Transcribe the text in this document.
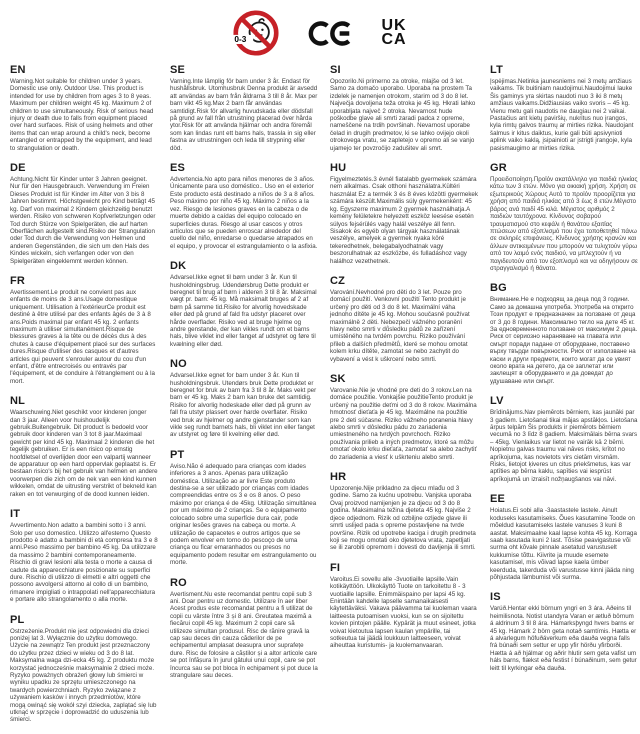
0-3
UK
CA
EN

Warning.Not suitable for children under 3 years. Domestic use only. Outdoor Use. This product is intended for use by children from ages 3 to 8 yeas. Maximum per children weight 45 kg. Maximum 2 of children to use simultaneously. Risk of serious head injury or death due to falls from equipment placed over hard surfaces. Risk of using helmets and other items that can wrap around a child's neck, become entangled or entrapped by the equipment, and lead to strangulation or death.

DE

Achtung.Nicht für Kinder unter 3 Jahren geeignet. Nur für den Hausgebrauch. Verwendung im Freien Dieses Produkt ist für Kinder im Alter von 3 bis 8 Jahren bestimmt. Höchstgewicht pro Kind beträgt 45 kg. Darf von maximal 2 Kindern gleichzeitig benutzt werden. Risiko von schweren Kopfverletzungen oder Tod durch Stürze von Spielgeräten, die auf harten Oberflächen aufgestellt sind.Risiko der Strangulation oder Tod durch die Verwendung von Helmen und anderen Gegenständen, die sich um den Hals des Kindes wickeln, sich verfangen oder von den Spielgeräten eingeklemmt werden können.

FR

Avertissement.Le produit ne convient pas aux enfants de moins de 3 ans.Usage domestique uniquement. Utilisation à l'extérieurCe produit est destiné à être utilisé par des enfants âgés de 3 à 8 ans.Poids maximal par enfant 45 kg. 2 enfants maximum à utiliser simultanément.Risque de blessures graves à la tête ou de décès dus à des chutes à cause d'équipement placé sur des surfaces dures.Risque d'utiliser des casques et d'autres articles qui peuvent s'enrouler autour du cou d'un enfant, d'être entrecroisés ou entravés par l'équipement, et de conduire à l'étranglement ou à la mort.

NL

Waarschuwing.Niet geschikt voor kinderen jonger dan 3 jaar. Alleen voor huishoudelijk gebruik.Buitengebruik. Dit product is bedoeld voor gebruik door kinderen van 3 tot 8 jaar.Maximaal gewicht per kind 45 kg. Maximaal 2 kinderen die het tegelijk gebruiken. Er is een risico op ernstig hoofdletsel of overlijden door een valpartij wanneer de apparatuur op een hard oppervlak geplaatst is. Er bestaan risico's bij het gebruik van helmen en andere voorwerpen die zich om de nek van een kind kunnen wikkelen, omdat de uitrusting verstrikt of bekneld kan raken en tot verwurging of de dood kunnen leiden.

IT

Avvertimento.Non adatto a bambini sotto i 3 anni. Solo per uso domestico. Utilizzo all'esterno Questo prodotto è adatto a bambini di età compresa tra 3 e 8 anni.Peso massimo per bambino 45 kg. Da utilizzare da massimo 2 bambini contemporaneamente. Rischio di gravi lesioni alla testa o morte a causa di cadute da apparecchiature posizionate su superfici dure. Rischio di utilizzo di elmetti e altri oggetti che possono avvolgersi attorno al collo di un bambino, rimanere impigliati o intrappolati nell'apparecchiatura e portare allo strangolamento o alla morte.

PL

Ostrzeżenie.Produkt nie jest odpowiedni dla dzieci poniżej lat 3. Wyłącznie do użytku domowego. Użycie na zewnątrz Ten produkt jest przeznaczony do użytku przez dzieci w wieku od 3 do 8 lat. Maksymalna waga dzi-ecka 45 kg. Z produktu może korzystać jednocześnie maksymalnie 2 dzieci może. Ryzyko poważnych obrażeń głowy lub śmierci w wyniku upadku ze sprzętu umieszczonego na twardych powierzchniach. Ryzyko związane z używaniem kasków i innych przedmiotów, które mogą owinąć się wokół szyi dziecka, zaplątać się lub utknąć w sprzęcie i doprowadzić do uduszenia lub śmierci.

SE

Varning.Inte lämplig för barn under 3 år. Endast för hushållsbruk. Utomhusbruk Denna produkt är avsedd att användas av barn från åldrarna 3 till 8 år. Max per barn vikt 45 kg.Max 2 barn får användas samtidigt.Risk för allvarlig huvudskada eller dödsfall på grund av fall från utrustning placerad över hårda ytor.Risk för att använda hjälmar och andra föremål som kan lindas runt ett barns hals, trassla in sig eller fastna av utrustningen och leda till strypning eller död.

ES

Advertencia.No apto para niños menores de 3 años. Únicamente para uso doméstico.. Uso en el exterior Este producto está destinado a niños de 3 a 8 años. Peso máximo por niño 45 kg. Máximo 2 niños a la vez. Riesgo de lesiones graves en la cabeza o de muerte debido a caídas del equipo colocado en superficies duras. Riesgo al usar cascos y otros artículos que se pueden enroscar alrededor del cuello del niño, enredarse o quedarse atrapados en el equipo, y provocar el estrangulamiento o la asfixia.

DK

Advarsel.Ikke egnet til børn under 3 år. Kun til husholdningsbrug. Udendørsbrug Dette produkt er beregnet til brug af børn i alderen 3 til 8 år. Maksimal vægt pr. barn: 45 kg. Må maksimalt bruges af 2 af børn på samme tid.Risiko for alvorlig hovedskade eller død på grund af fald fra udstyr placeret over hårde overflader. Risiko ved at bruge hjelme og andre genstande, der kan vikles rundt om et barns hals, blive viklet ind eller fanget af udstyret og føre til kvælning eller død.

NO

Advarsel.Ikke egnet for barn under 3 år. Kun til husholdningsbruk. Utendørs bruk Dette produktet er beregnet for bruk av barn fra 3 til 8 år. Maks vekt per barn er 45 kg. Maks 2 barn kan bruke det samtidig. Risiko for alvorlig hodeskade eller død på grunn av fall fra utstyr plassert over harde overflater. Risiko ved bruk av hjelmer og andre gjenstander som kan vikle seg rundt barnets hals, bli viklet inn eller fanget av utstyret og føre til kvelning eller død.

PT

Aviso.Não é adequado para crianças com idades inferiores a 3 anos. Apenas para utilização doméstica. Utilização ao ar livre Este produto destina-se a ser utilizado por crianças com idades compreendidas entre os 3 e os 8 anos. O peso máximo por criança é de 45kg. Utilização simultânea por um máximo de 2 crianças. Se o equipamento colocado sobre uma superfície dura cair, pode originar lesões graves na cabeça ou morte. A utilização de capacetes e outros artigos que se podem envolver em torno do pescoço de uma criança ou ficar emaranhados ou presos no equipamento podem resultar em estrangulamento ou morte.

RO

Avertisment.Nu este recomandat pentru copii sub 3 ani. Doar pentru uz domestic. Utilizare în aer liber Acest produs este recomandat pentru a fi utilizat de copii cu vârste între 3 și 8 ani. Greutatea maximă a fiecărui copil 45 kg. Maximum 2 copii care să utilizeze simultan produsul. Risc de rănire gravă la cap sau deces din cauza căderilor de pe echipamentul amplasat deasupra unor suprafețe dure. Risc de folosire a căștilor și a altor articole care se pot înfășura în jurul gâtului unui copil, care se pot încurca sau se pot bloca în echipament și pot duce la strangulare sau deces.

SI

Opozorilo.Ni primerno za otroke, mlajše od 3 let. Samo za domačo uporabo. Uporaba na prostem Ta izdelek je namenjen otrokom, starim od 3 do 8 let. Največja dovoljena teža otroka je 45 kg. Hkrati lahko uporabljata največ 2 otroka. Nevarnost hude poškodbe glave ali smrti zaradi padca z opreme, nameščene na trdih površinah. Nevarnost uporabe čelad in drugih predmetov, ki se lahko ovijejo okoli otrokovega vratu, se zapletejo v opremo ali se vanjo ujamejo ter povzročijo zadušitev ali smrt.

HU

Figyelmeztetés.3 évnél fiatalabb gyermekek számára nem alkalmas. Csak otthoni használatra.Kültéri használat Ez a termék 3 és 8 éves közötti gyermekek számára készült.Maximális súly gyermekenként: 45 kg. Egyszerre maximum 2 gyermek használhatja.A kemény felületekre helyezett eszköz leesése esetén súlyos fejsérülés vagy halál veszélye áll fenn. Sisakok és egyéb olyan tárgyak használatának veszélye, amelyek a gyermek nyaka köré tekeredhetnek, belegabalyodhatnak vagy beszorulhatnak az eszközbe, és fulladáshoz vagy halálhoz vezethetnek.

CZ

Varování.Nevhodné pro děti do 3 let. Pouze pro domácí použití. Venkovní použití Tento produkt je určený pro děti od 3 do 8 let. Maximální váha jednoho dítěte je 45 kg. Mohou současně používat maximálně 2 děti. Nebezpečí vážného poranění hlavy nebo smrti v důsledku pádů ze zařízení umístěného na tvrdém povrchu. Riziko používání přileb a dalších předmětů, které se mohou omotat kolem krku dítěte, zamotat se nebo zachytit do vybavení a vést k uškrcení nebo smrti.

SK

Varovanie.Nie je vhodné pre deti do 3 rokov.Len na domáce použitie. Vonkajšie použitieTento produkt je určený na použitie deťmi od 3 do 8 rokov. Maximálna hmotnosť dieťaťa je 45 kg. Maximálne na použitie pre 2 deti súčasne. Riziko vážneho poranenia hlavy alebo smrti v dôsledku pádu zo zariadenia umiestneného na tvrdých povrchoch. Riziko používania prilieb a iných predmetov, ktoré sa môžu omotať okolo krku dieťaťa, zamotať sa alebo zachytiť do zariadenia a viesť k uškrteniu alebo smrti.

HR

Upozorenje.Nije prikladno za djecu mlađu od 3 godine. Samo za kućnu upotrebu. Vanjska uporaba Ovaj proizvod namijenjen je za djecu od 3 do 8 godina. Maksimalna težina djeteta 45 kg. Najviše 2 djece odjednom. Rizik od ozbiljne ozljede glave ili smrti uslijed pada s opreme postavljene na tvrde površine. Rizik od upotrebe kaciga i drugih predmeta koji se mogu omotati oko djetetova vrata, zapetljati se ili zarobiti opremom i dovesti do davljenja ili smrti.

FI

Varoitus.Ei sovellu alle -3vuotiaille lapsille.Vain kotikäyttöön. Ulkokäyttö Tuote on tarkoitettu 8 - 3 vuotiaille lapsille. Enimmäispaino per lapsi 45 kg. Enintään kahdelle lapselle samanaikaisesti käytettäväksi. Vakava päävamma tai kuoleman vaara laitteesta putoamisen vuoksi, kun se on sijoitettu kovien pintojen päälle. Kypärät ja muut esineet, jotka voivat kietoutua lapsen kaulan ympärille, tai sotkeutua tai jäädä loukkuun laitteeseen, voivat aiheuttaa kuristumis- ja kuolemanvaaran.

LT

Įspėjimas.Netinka jaunesniems nei 3 metų amžiaus vaikams. Tik buitiniam naudojimui.Naudojimui lauke Šis gaminys yra skirtas naudoti nuo 3 iki 8 metų amžiaus vaikams.Didžiausias vaiko svoris – 45 kg. Vienu metu gali naudotis ne daugiau nei 2 vaikai. Pastačius ant kietų paviršių, nukritus nuo įrangos, kyla rimtų galvos traumų ar mirties rizika. Naudojant šalmus ir kitus daiktus, kurie gali būti apsivynioti aplink vaiko kaklą, įsipainioti ar įstrigti įrangoje, kyla pasismaugimo ar mirties rizika.

GR

Προειδοποίηση.Προϊόν ακατάλληλο για παιδιά ηλικίας κάτω των 3 ετών. Μόνο για οικιακή χρήση. Χρήση σε εξωτερικούς Χώρους Αυτό το προϊόν προορίζεται για χρήση από παιδιά ηλικίας από 3 έως 8 ετών.Μέγιστο βάρος ανά παιδί 45 κιλά. Μέγιστος αριθμός 2 παιδιών ταυτόχρονα. Κίνδυνος σοβαρού τραυματισμού στο κεφάλι ή θανάτου εξαιτίας πτώσεων από εξοπλισμό που έχει τοποθετηθεί πάνω σε σκληρές επιφάνειες. Κίνδυνος χρήσης κρανών και άλλων αντικειμένων που μπορούν να τυλιχτούν γύρω από τον λαιμό ενός παιδιού, να μπλεχτούν ή να παγιδευτούν από τον εξοπλισμό και να οδηγήσουν σε στραγγαλισμό ή θάνατο.

BG

Внимание.Не е подходящ за деца под 3 години. Само за домашна употреба. Употреба на открито Този продукт е предназначен за ползване от деца от 3 до 8 години. Максимално тегло на дете 45 кг. За едновременното ползване от максимум 2 деца. Риск от сериозно нараняване на главата или смърт поради падане от оборудване, поставено върху твърди повърхности. Риск от използване на каски и други предмети, които могат да се увият около врата на детето, да се заплетат или заклещят в оборудването и да доведат до удушаване или смърт.

LV

Brīdinājums.Nav piemērots bērniem, kas jaunāki par 3 gadiem. Lietošanai tikai mājas apstākļos. Lietošana ārpus telpām Šis produkts ir piemērots bērniem vecumā no 3 līdz 8 gadiem. Maksimālais bērna svars – 45kg. Vienlaikus var lietot ne vairāk kā 2 bērni. Nopietnu galvas traumu vai nāves risks, krītot no aprīkojuma, kas novietots virs cietām virsmām. Risks, lietojot ķiveres un citus priekšmetus, kas var aptīties ap bērna kaklu, sapīties vai iesprūst aprīkojumā un izraisīt nožņaugšanos vai nāvi.

EE

Hoiatus.Ei sobi alla -3aastastele lastele. Ainult koduseks kasutamiseks. Õues kasutamine Toode on mõeldud kasutamiseks lastele vanuses 3 kuni 8 aastat. Maksimaalne kaal lapse kohta 45 kg. Korraga saab kasutada kuni 2 last. Tõsise peavigastuse või surma oht kõvale pinnale asetatud varustuselt kukkumise tõttu. Kiivrite ja muude esemete kasutamisel, mis võivad lapse kaela ümber keerduda, takerduda või varustusse kinni jääda ning põhjustada lämbumist või surma.

IS

Varúð.Hentar ekki börnum yngri en 3 ára. Aðeins til heimilisnota. Notist utandyra Varan er ætluð börnum á aldrinum 3 til 8 ára. Hámarksþyngd hvers barns er 45 kg. Hámark 2 börn geta notað samtímis. Hætta er á alvarlegum höfuðáverkum eða dauða vegna falls frá búnaði sem settur er upp yfir hörðu yfirborði. Hætta á að hjálmar og aðrir hlutir sem geta vafist um háls barns, flækst eða festist í búnaðinum, sem getur leitt til kyrkingar eða dauða.
